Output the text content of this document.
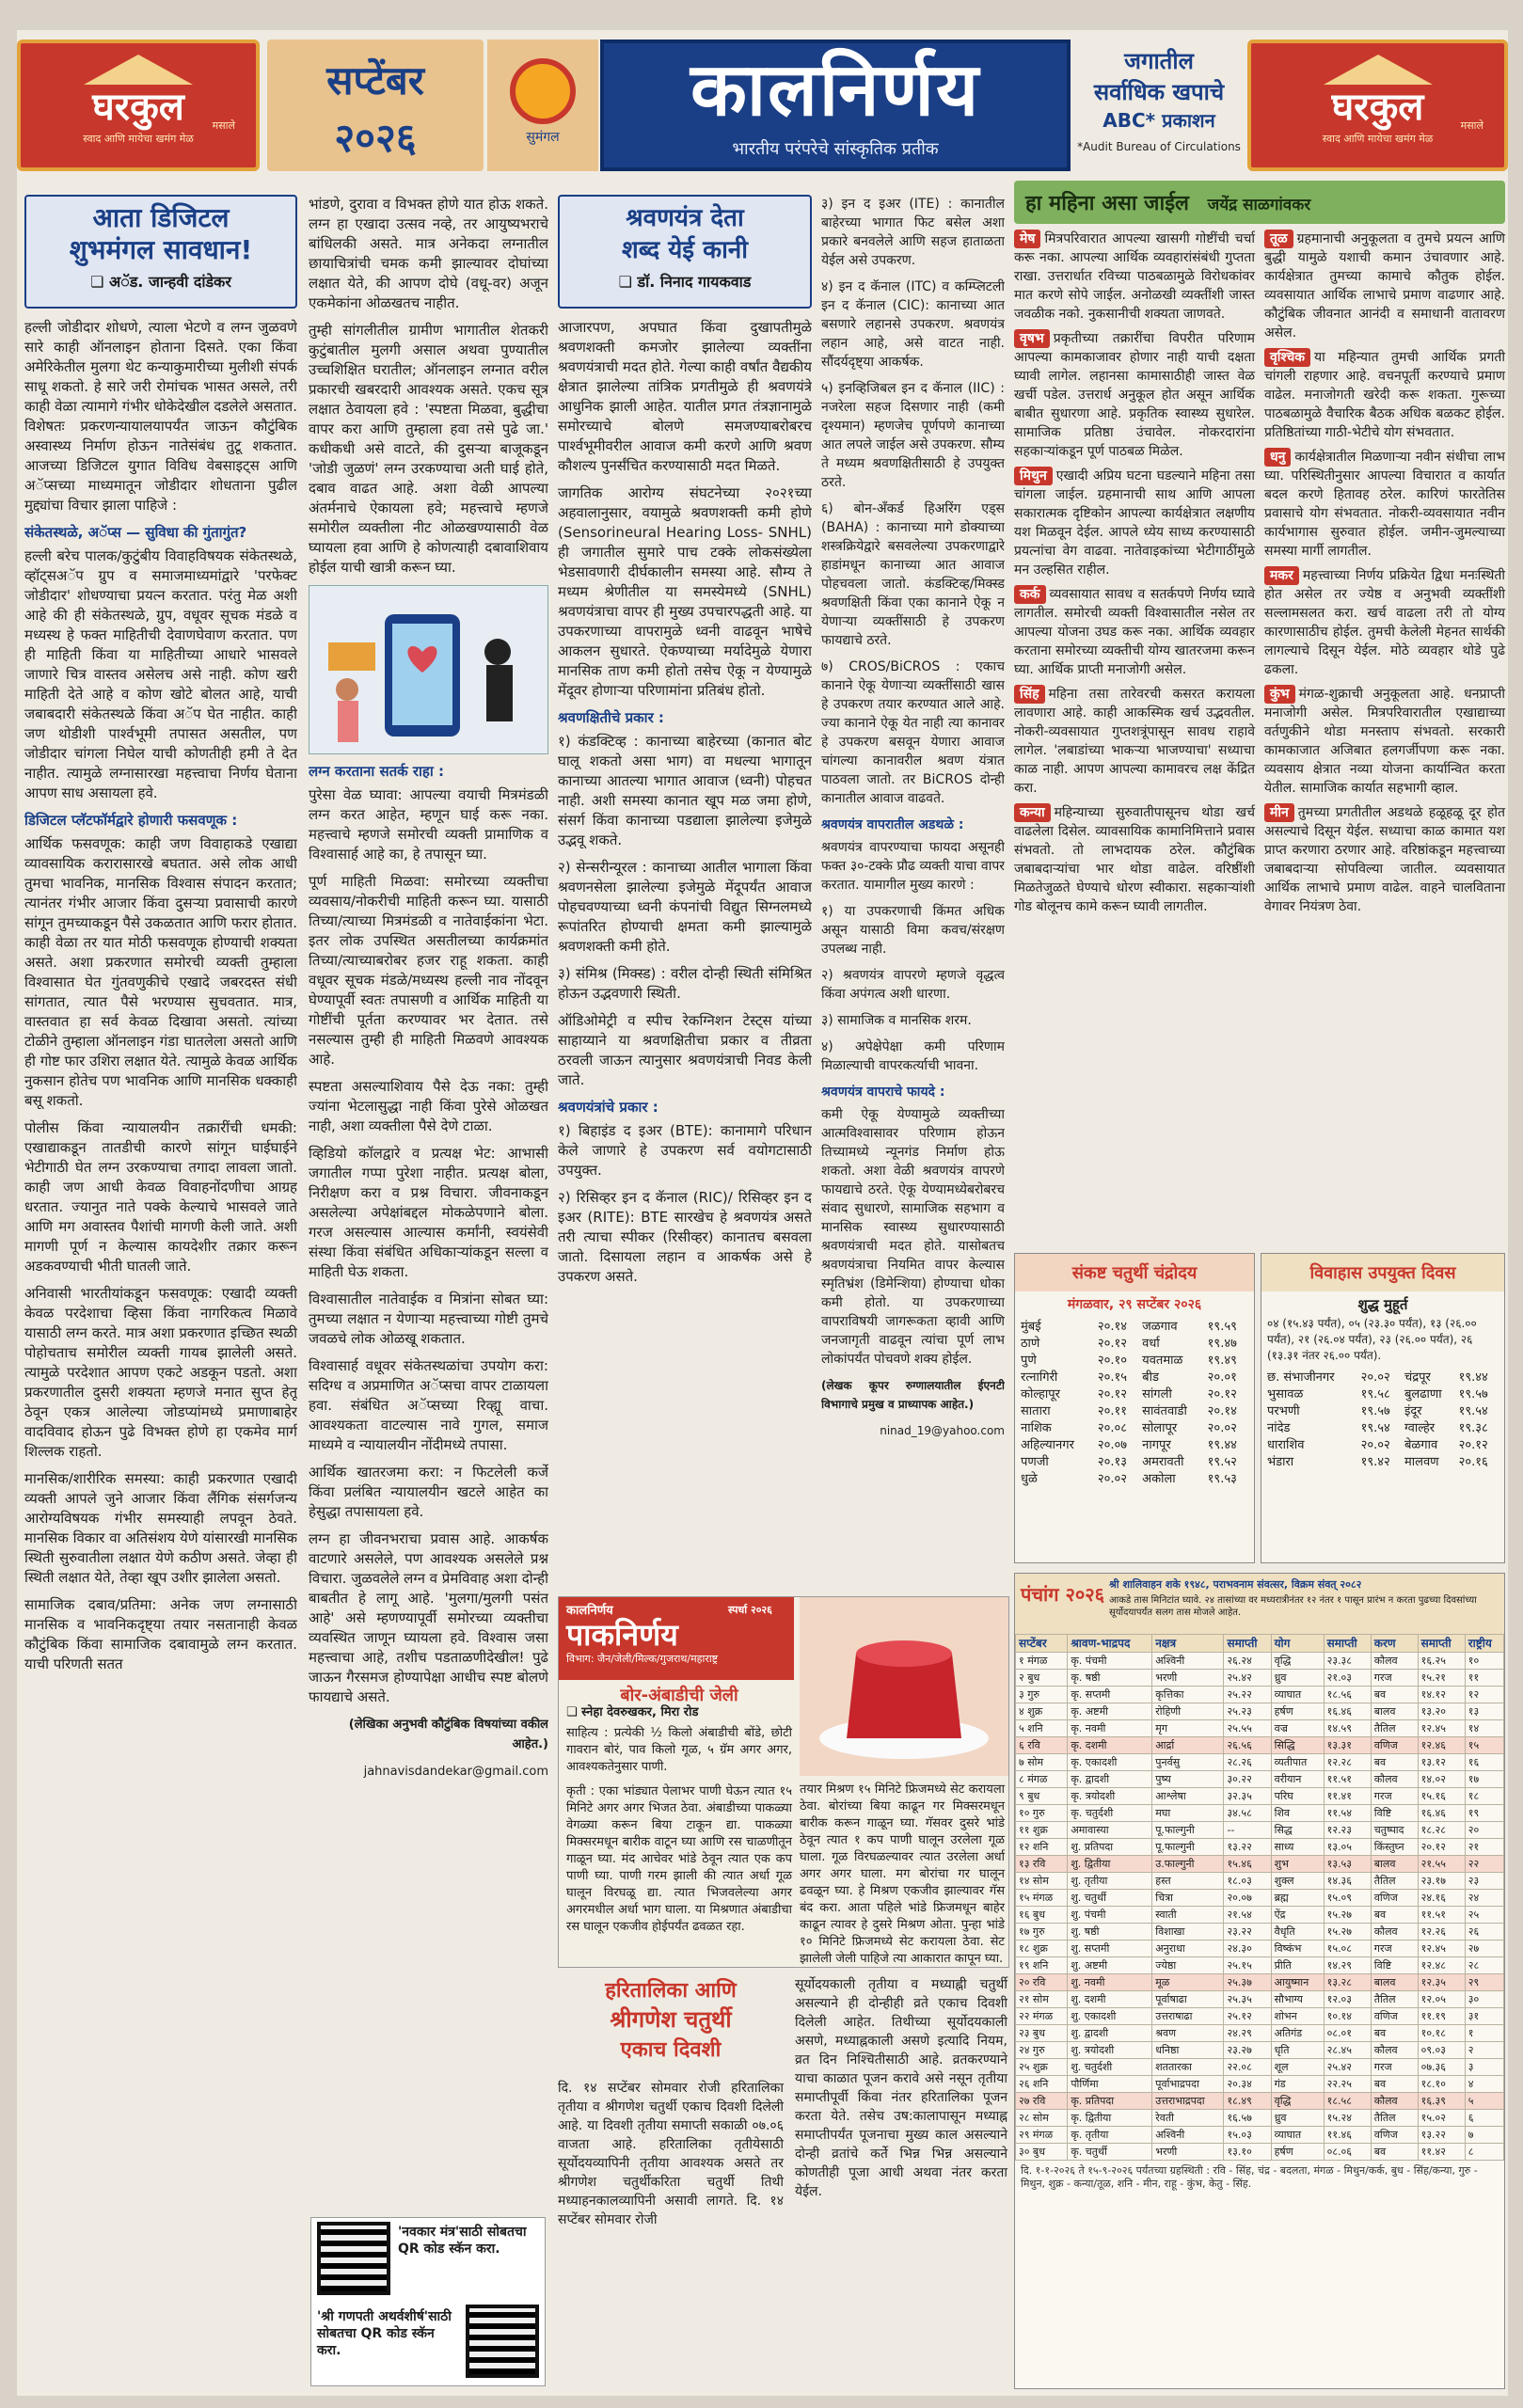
घरकुल	मसाले
स्वाद आणि मायेचा खमंग मेळ
सप्टेंबर
२०२६	सुमंगल
कालनिर्णय
भारतीय परंपरेचे सांस्कृतिक प्रतीक
जगातील
सर्वाधिक खपाचे
ABC* प्रकाशन
*Audit Bureau of Circulations
घरकुल	मसाले
स्वाद आणि मायेचा खमंग मेळ
आता डिजिटल
शुभमंगल सावधान!
❏ अॅड. जान्हवी दांडेकर

हल्ली जोडीदार शोधणे, त्याला भेटणे व लग्न जुळवणे सारे काही ऑनलाइन होताना दिसते. एका किंवा अमेरिकेतील मुलगा थेट कन्याकुमारीच्या मुलीशी संपर्क साधू शकतो. हे सारे जरी रोमांचक भासत असले, तरी काही वेळा त्यामागे गंभीर धोकेदेखील दडलेले असतात. विशेषतः प्रकरणन्यायालयापर्यंत जाऊन कौटुंबिक अस्वास्थ्य निर्माण होऊन नातेसंबंध तुटू शकतात. आजच्या डिजिटल युगात विविध वेबसाइट्स आणि अॅप्सच्या माध्यमातून जोडीदार शोधताना पुढील मुद्द्यांचा विचार झाला पाहिजे :

संकेतस्थळे, अॅप्स — सुविधा की गुंतागुंत?

हल्ली बरेच पालक/कुटुंबीय विवाहविषयक संकेतस्थळे, व्हॉट्सअॅप ग्रुप व समाजमाध्यमांद्वारे 'परफेक्ट जोडीदार' शोधण्याचा प्रयत्न करतात. परंतु मेळ अशी आहे की ही संकेतस्थळे, ग्रुप, वधूवर सूचक मंडळे व मध्यस्थ हे फक्त माहितीची देवाणघेवाण करतात. पण ही माहिती किंवा या माहितीच्या आधारे भासवले जाणारे चित्र वास्तव असेलच असे नाही. कोण खरी माहिती देते आहे व कोण खोटे बोलत आहे, याची जबाबदारी संकेतस्थळे किंवा अॅप घेत नाहीत. काही जण थोडीशी पार्श्वभूमी तपासत असतील, पण जोडीदार चांगला निघेल याची कोणतीही हमी ते देत नाहीत. त्यामुळे लग्नासारखा महत्त्वाचा निर्णय घेताना आपण साध असायला हवे.

डिजिटल प्लॅटफॉर्मद्वारे होणारी फसवणूक :

आर्थिक फसवणूक: काही जण विवाहाकडे एखाद्या व्यावसायिक करारासारखे बघतात. असे लोक आधी तुमचा भावनिक, मानसिक विश्वास संपादन करतात; त्यानंतर गंभीर आजार किंवा दुसऱ्या प्रवासाची कारणे सांगून तुमच्याकडून पैसे उकळतात आणि फरार होतात. काही वेळा तर यात मोठी फसवणूक होण्याची शक्यता असते. अशा प्रकरणात समोरची व्यक्ती तुम्हाला विश्वासात घेत गुंतवणुकीचे एखादे जबरदस्त संधी सांगतात, त्यात पैसे भरण्यास सुचवतात. मात्र, वास्तवात हा सर्व केवळ दिखावा असतो. त्यांच्या टोळीने तुम्हाला ऑनलाइन गंडा घातलेला असतो आणि ही गोष्ट फार उशिरा लक्षात येते. त्यामुळे केवळ आर्थिक नुकसान होतेच पण भावनिक आणि मानसिक धक्काही बसू शकतो.

पोलीस किंवा न्यायालयीन तक्रारींची धमकी: एखाद्याकडून तातडीची कारणे सांगून घाईघाईने भेटीगाठी घेत लग्न उरकण्याचा तगादा लावला जातो. काही जण आधी केवळ विवाहनोंदणीचा आग्रह धरतात. ज्यानुत नाते पक्के केल्याचे भासवले जाते आणि मग अवास्तव पैशांची मागणी केली जाते. अशी मागणी पूर्ण न केल्यास कायदेशीर तक्रार करून अडकवण्याची भीती घातली जाते.

अनिवासी भारतीयांकडून फसवणूक: एखादी व्यक्ती केवळ परदेशाचा व्हिसा किंवा नागरिकत्व मिळावे यासाठी लग्न करते. मात्र अशा प्रकरणात इच्छित स्थळी पोहोचताच समोरील व्यक्ती गायब झालेली असते. त्यामुळे परदेशात आपण एकटे अडकून पडतो. अशा प्रकरणातील दुसरी शक्यता म्हणजे मनात सुप्त हेतू ठेवून एकत्र आलेल्या जोडप्यांमध्ये प्रमाणाबाहेर वादविवाद होऊन पुढे विभक्त होणे हा एकमेव मार्ग शिल्लक राहतो.

मानसिक/शारीरिक समस्या: काही प्रकरणात एखादी व्यक्ती आपले जुने आजार किंवा लैंगिक संसर्गजन्य आरोग्यविषयक गंभीर समस्याही लपवून ठेवते. मानसिक विकार वा अतिसंशय येणे यांसारखी मानसिक स्थिती सुरुवातीला लक्षात येणे कठीण असते. जेव्हा ही स्थिती लक्षात येते, तेव्हा खूप उशीर झालेला असतो.

सामाजिक दबाव/प्रतिमा: अनेक जण लग्नासाठी मानसिक व भावनिकदृष्ट्या तयार नसतानाही केवळ कौटुंबिक किंवा सामाजिक दबावामुळे लग्न करतात. याची परिणती सतत

भांडणे, दुरावा व विभक्त होणे यात होऊ शकते. लग्न हा एखादा उत्सव नव्हे, तर आयुष्यभराचे बांधिलकी असते. मात्र अनेकदा लग्नातील छायाचित्रांची चमक कमी झाल्यावर दोघांच्या लक्षात येते, की आपण दोघे (वधू-वर) अजून एकमेकांना ओळखतच नाहीत.

तुम्ही सांगलीतील ग्रामीण भागातील शेतकरी कुटुंबातील मुलगी असाल अथवा पुण्यातील उच्चशिक्षित घरातील; ऑनलाइन लग्नात वरील प्रकारची खबरदारी आवश्यक असते. एकच सूत्र लक्षात ठेवायला हवे : 'स्पष्टता मिळवा, बुद्धीचा वापर करा आणि तुम्हाला हवा तसे पुढे जा.' कधीकधी असे वाटते, की दुसऱ्या बाजूकडून 'जोडी जुळणं' लग्न उरकण्याचा अती घाई होते, दबाव वाढत आहे. अशा वेळी आपल्या अंतर्मनाचे ऐकायला हवे; महत्त्वाचे म्हणजे समोरील व्यक्तीला नीट ओळखण्यासाठी वेळ घ्यायला हवा आणि हे कोणत्याही दबावाशिवाय होईल याची खात्री करून घ्या.

लग्न करताना सतर्क राहा :

पुरेसा वेळ घ्यावा: आपल्या वयाची मित्रमंडळी लग्न करत आहेत, म्हणून घाई करू नका. महत्त्वाचे म्हणजे समोरची व्यक्ती प्रामाणिक व विश्वासार्ह आहे का, हे तपासून घ्या.

पूर्ण माहिती मिळवा: समोरच्या व्यक्तीचा व्यवसाय/नोकरीची माहिती करून घ्या. यासाठी तिच्या/त्याच्या मित्रमंडळी व नातेवाईकांना भेटा. इतर लोक उपस्थित असतीलच्या कार्यक्रमांत तिच्या/त्याच्याबरोबर हजर राहू शकता. काही वधूवर सूचक मंडळे/मध्यस्थ हल्ली नाव नोंदवून घेण्यापूर्वी स्वतः तपासणी व आर्थिक माहिती या गोष्टींची पूर्तता करण्यावर भर देतात. तसे नसल्यास तुम्ही ही माहिती मिळवणे आवश्यक आहे.

स्पष्टता असल्याशिवाय पैसे देऊ नका: तुम्ही ज्यांना भेटलासुद्धा नाही किंवा पुरेसे ओळखत नाही, अशा व्यक्तीला पैसे देणे टाळा.

व्हिडियो कॉलद्वारे व प्रत्यक्ष भेट: आभासी जगातील गप्पा पुरेशा नाहीत. प्रत्यक्ष बोला, निरीक्षण करा व प्रश्न विचारा. जीवनाकडून असलेल्या अपेक्षांबद्दल मोकळेपणाने बोला. गरज असल्यास आल्यास कर्मांनी, स्वयंसेवी संस्था किंवा संबंधित अधिकाऱ्यांकडून सल्ला व माहिती घेऊ शकता.

विश्वासातील नातेवाईक व मित्रांना सोबत घ्या: तुमच्या लक्षात न येणाऱ्या महत्त्वाच्या गोष्टी तुमचे जवळचे लोक ओळखू शकतात.

विश्वासार्ह वधूवर संकेतस्थळांचा उपयोग करा: सदिग्ध व अप्रमाणित अॅप्सचा वापर टाळायला हवा. संबंधित अॅप्सच्या रिव्ह्यू वाचा. आवश्यकता वाटल्यास नावे गुगल, समाज माध्यमे व न्यायालयीन नोंदीमध्ये तपासा.

आर्थिक खातरजमा करा: न फिटलेली कर्जे किंवा प्रलंबित न्यायालयीन खटले आहेत का हेसुद्धा तपासायला हवे.

लग्न हा जीवनभराचा प्रवास आहे. आकर्षक वाटणारे असलेले, पण आवश्यक असलेले प्रश्न विचारा. जुळवलेले लग्न व प्रेमविवाह अशा दोन्ही बाबतीत हे लागू आहे. 'मुलगा/मुलगी पसंत आहे' असे म्हणण्यापूर्वी समोरच्या व्यक्तीचा व्यवस्थित जाणून घ्यायला हवे. विश्वास जसा महत्त्वाचा आहे, तशीच पडताळणीदेखील! पुढे जाऊन गैरसमज होण्यापेक्षा आधीच स्पष्ट बोलणे फायद्याचे असते.

(लेखिका अनुभवी कौटुंबिक विषयांच्या वकील आहेत.)

jahnavisdandekar@gmail.com

'नवकार मंत्र'साठी सोबतचा QR कोड स्कॅन करा.
'श्री गणपती अथर्वशीर्ष'साठी सोबतचा QR कोड स्कॅन करा.
श्रवणयंत्र देता
शब्द येई कानी
❏ डॉ. निनाद गायकवाड

आजारपण, अपघात किंवा दुखापतीमुळे श्रवणशक्ती कमजोर झालेल्या व्यक्तींना श्रवणयंत्राची मदत होते. गेल्या काही वर्षांत वैद्यकीय क्षेत्रात झालेल्या तांत्रिक प्रगतीमुळे ही श्रवणयंत्रे आधुनिक झाली आहेत. यातील प्रगत तंत्रज्ञानामुळे समोरच्याचे बोलणे समजण्याबरोबरच पार्श्वभूमीवरील आवाज कमी करणे आणि श्रवण कौशल्य पुनर्संचित करण्यासाठी मदत मिळते.

जागतिक आरोग्य संघटनेच्या २०२१च्या अहवालानुसार, वयामुळे श्रवणशक्ती कमी होणे (Sensorineural Hearing Loss- SNHL) ही जगातील सुमारे पाच टक्के लोकसंख्येला भेडसावणारी दीर्घकालीन समस्या आहे. सौम्य ते मध्यम श्रेणीतील या समस्येमध्ये (SNHL) श्रवणयंत्राचा वापर ही मुख्य उपचारपद्धती आहे. या उपकरणाच्या वापरामुळे ध्वनी वाढवून भाषेचे आकलन सुधारते. ऐकण्याच्या मर्यादेमुळे येणारा मानसिक ताण कमी होतो तसेच ऐकू न येण्यामुळे मेंदूवर होणाऱ्या परिणामांना प्रतिबंध होतो.

श्रवणक्षितीचे प्रकार :

१) कंडक्टिव्ह : कानाच्या बाहेरच्या (कानात बोट घालू शकतो असा भाग) वा मधल्या भागातून कानाच्या आतल्या भागात आवाज (ध्वनी) पोहचत नाही. अशी समस्या कानात खूप मळ जमा होणे, संसर्ग किंवा कानाच्या पडद्याला झालेल्या इजेमुळे उद्भवू शकते.

२) सेन्सरीन्यूरल : कानाच्या आतील भागाला किंवा श्रवणनसेला झालेल्या इजेमुळे मेंदूपर्यंत आवाज पोहचवण्याच्या ध्वनी कंपनांची विद्युत सिग्नलमध्ये रूपांतरित होण्याची क्षमता कमी झाल्यामुळे श्रवणशक्ती कमी होते.

३) संमिश्र (मिक्स्ड) : वरील दोन्ही स्थिती संमिश्रित होऊन उद्भवणारी स्थिती.

ऑडिओमेट्री व स्पीच रेकग्निशन टेस्ट्स यांच्या साहाय्याने या श्रवणक्षितीचा प्रकार व तीव्रता ठरवली जाऊन त्यानुसार श्रवणयंत्राची निवड केली जाते.

श्रवणयंत्रांचे प्रकार :

१) बिहाइंड द इअर (BTE): कानामागे परिधान केले जाणारे हे उपकरण सर्व वयोगटासाठी उपयुक्त.

२) रिसिव्हर इन द कॅनाल (RIC)/ रिसिव्हर इन द इअर (RITE): BTE सारखेच हे श्रवणयंत्र असते तरी त्याचा स्पीकर (रिसीव्हर) कानातच बसवला जातो. दिसायला लहान व आकर्षक असे हे उपकरण असते.

३) इन द इअर (ITE) : कानातील बाहेरच्या भागात फिट बसेल अशा प्रकारे बनवलेले आणि सहज हाताळता येईल असे उपकरण.

४) इन द कॅनाल (ITC) व कम्प्लिटली इन द कॅनाल (CIC): कानाच्या आत बसणारे लहानसे उपकरण. श्रवणयंत्र लहान आहे, असे वाटत नाही. सौंदर्यदृष्ट्या आकर्षक.

५) इनव्हिजिबल इन द कॅनाल (IIC) : नजरेला सहज दिसणार नाही (कमी दृश्यमान) म्हणजेच पूर्णपणे कानाच्या आत लपले जाईल असे उपकरण. सौम्य ते मध्यम श्रवणक्षितीसाठी हे उपयुक्त ठरते.

६) बोन-अँकर्ड हिअरिंग एड्स (BAHA) : कानाच्या मागे डोक्याच्या शस्त्रक्रियेद्वारे बसवलेल्या उपकरणाद्वारे हाडांमधून कानाच्या आत आवाज पोहचवला जातो. कंडक्टिव्ह/मिक्स्ड श्रवणक्षिती किंवा एका कानाने ऐकू न येणाऱ्या व्यक्तींसाठी हे उपकरण फायद्याचे ठरते.

७) CROS/BiCROS : एकाच कानाने ऐकू येणाऱ्या व्यक्तींसाठी खास हे उपकरण तयार करण्यात आले आहे. ज्या कानाने ऐकू येत नाही त्या कानावर हे उपकरण बसवून येणारा आवाज चांगल्या कानावरील श्रवण यंत्रात पाठवला जातो. तर BiCROS दोन्ही कानातील आवाज वाढवते.

श्रवणयंत्र वापरातील अडथळे :

श्रवणयंत्र वापरण्याचा फायदा असूनही फक्त ३०-टक्के प्रौढ व्यक्ती याचा वापर करतात. यामागील मुख्य कारणे :

१) या उपकरणाची किंमत अधिक असून यासाठी विमा कवच/संरक्षण उपलब्ध नाही.

२) श्रवणयंत्र वापरणे म्हणजे वृद्धत्व किंवा अपंगत्व अशी धारणा.

३) सामाजिक व मानसिक शरम.

४) अपेक्षेपेक्षा कमी परिणाम मिळाल्याची वापरकर्त्याची भावना.

श्रवणयंत्र वापराचे फायदे :

कमी ऐकू येण्यामुळे व्यक्तीच्या आत्मविश्वासावर परिणाम होऊन तिच्यामध्ये न्यूनगंड निर्माण होऊ शकतो. अशा वेळी श्रवणयंत्र वापरणे फायद्याचे ठरते. ऐकू येण्यामध्येबरोबरच संवाद सुधारणे, सामाजिक सहभाग व मानसिक स्वास्थ्य सुधारण्यासाठी श्रवणयंत्राची मदत होते. यासोबतच श्रवणयंत्राचा नियमित वापर केल्यास स्मृतिभ्रंश (डिमेन्शिया) होण्याचा धोका कमी होतो. या उपकरणाच्या वापराविषयी जागरूकता व्हावी आणि जनजागृती वाढवून त्यांचा पूर्ण लाभ लोकांपर्यंत पोचवणे शक्य होईल.

(लेखक कूपर रुग्णालयातील ईएनटी विभागाचे प्रमुख व प्राध्यापक आहेत.)

ninad_19@yahoo.com

कालनिर्णय
पाकनिर्णय
विभाग: जैन/जेली/मिल्क/गुजराथ/महाराष्ट्र
स्पर्धा २०२६
बोर-अंबाडीची जेली
❏ स्नेहा देवरुखकर, मिरा रोड

साहित्य : प्रत्येकी ½ किलो अंबाडीची बोंडे, छोटी गावरान बोरं, पाव किलो गूळ, ५ ग्रॅम अगर अगर, आवश्यकतेनुसार पाणी.

कृती : एका भांड्यात पेलाभर पाणी घेऊन त्यात १५ मिनिटे अगर अगर भिजत ठेवा. अंबाडीच्या पाकळ्या वेगळ्या करून बिया टाकून द्या. पाकळ्या मिक्सरमधून बारीक वाटून घ्या आणि रस चाळणीतून गाळून घ्या. मंद आचेवर भांडे ठेवून त्यात एक कप पाणी घ्या. पाणी गरम झाली की त्यात अर्धा गूळ घालून विरघळू द्या. त्यात भिजवलेल्या अगर अगरमधील अर्धा भाग घाला. या मिश्रणात अंबाडीचा रस घालून एकजीव होईपर्यंत ढवळत रहा.

तयार मिश्रण १५ मिनिटे फ्रिजमध्ये सेट करायला ठेवा. बोरांच्या बिया काढून गर मिक्सरमधून बारीक करून गाळून घ्या. गॅसवर दुसरे भांडे ठेवून त्यात १ कप पाणी घालून उरलेला गूळ घाला. गूळ विरघळल्यावर त्यात उरलेला अर्धा अगर अगर घाला. मग बोरांचा गर घालून ढवळून घ्या. हे मिश्रण एकजीव झाल्यावर गॅस बंद करा. आता पहिले भांडे फ्रिजमधून बाहेर काढून त्यावर हे दुसरे मिश्रण ओता. पुन्हा भांडे १० मिनिटे फ्रिजमध्ये सेट करायला ठेवा. सेट झालेली जेली पाहिजे त्या आकारात कापून घ्या.
हरितालिका आणि
श्रीगणेश चतुर्थी
एकाच दिवशी
दि. १४ सप्टेंबर सोमवार रोजी हरितालिका तृतीया व श्रीगणेश चतुर्थी एकाच दिवशी दिलेली आहे. या दिवशी तृतीया समाप्ती सकाळी ०७.०६ वाजता आहे. हरितालिका तृतीयेसाठी सूर्योदयव्यापिनी तृतीया आवश्यक असते तर श्रीगणेश चतुर्थीकरिता चतुर्थी तिथी मध्याहनकालव्यापिनी असावी लागते. दि. १४ सप्टेंबर सोमवार रोजी
सूर्योदयकाली तृतीया व मध्याह्नी चतुर्थी असल्याने ही दोन्हीही व्रते एकाच दिवशी दिलेली आहेत. तिथीच्या सूर्योदयकाली असणे, मध्याह्नकाली असणे इत्यादि नियम, व्रत दिन निश्चितीसाठी आहे. व्रतकरण्याने याचा काळात पूजन करावे असे नसून तृतीया समाप्तीपूर्वी किंवा नंतर हरितालिका पूजन करता येते. तसेच उष:कालापासून मध्याह्न समाप्तीपर्यंत पूजनाचा मुख्य काल असल्याने दोन्ही व्रतांचे कर्तेे भिन्न भिन्न असल्याने कोणतीही पूजा आधी अथवा नंतर करता येईल.
हा महिना असा जाईल जयेंद्र साळगांवकर
मेष मित्रपरिवारात आपल्या खासगी गोष्टींची चर्चा करू नका. आपल्या आर्थिक व्यवहारांसंबंधी गुप्तता राखा. उत्तरार्धात रविच्या पाठबळामुळे विरोधकांवर मात करणे सोपे जाईल. अनोळखी व्यक्तींशी जास्त जवळीक नको. नुकसानीची शक्यता जाणवते.
वृषभ प्रकृतीच्या तक्रारींचा विपरीत परिणाम आपल्या कामकाजावर होणार नाही याची दक्षता घ्यावी लागेल. लहानसा कामासाठीही जास्त वेळ खर्ची पडेल. उत्तरार्ध अनुकूल होत असून आर्थिक बाबीत सुधारणा आहे. प्रकृतिक स्वास्थ्य सुधारेल. सामाजिक प्रतिष्ठा उंचावेल. नोकरदारांना सहकाऱ्यांकडून पूर्ण पाठबळ मिळेल.
मिथुन एखादी अप्रिय घटना घडल्याने महिना तसा चांगला जाईल. ग्रहमानाची साथ आणि आपला सकारात्मक दृष्टिकोन आपल्या कार्यक्षेत्रात लक्षणीय यश मिळवून देईल. आपले ध्येय साध्य करण्यासाठी प्रयत्नांचा वेग वाढवा. नातेवाइकांच्या भेटीगाठींमुळे मन उल्हसित राहील.
कर्क व्यवसायात सावध व सतर्कपणे निर्णय घ्यावे लागतील. समोरची व्यक्ती विश्वासातील नसेल तर आपल्या योजना उघड करू नका. आर्थिक व्यवहार करताना समोरच्या व्यक्तीची योग्य खातरजमा करून घ्या. आर्थिक प्राप्ती मनाजोगी असेल.
सिंह महिना तसा तारेवरची कसरत करायला लावणारा आहे. काही आकस्मिक खर्च उद्भवतील. नोकरी-व्यवसायात गुप्तशत्रूंपासून सावध राहावे लागेल. 'लबाडांच्या भाकऱ्या भाजण्याचा' सध्याचा काळ नाही. आपण आपल्या कामावरच लक्ष केंद्रित करा.
कन्या महिन्याच्या सुरुवातीपासूनच थोडा खर्च वाढलेला दिसेल. व्यावसायिक कामानिमित्ताने प्रवास संभवतो. तो लाभदायक ठरेल. कौटुंबिक जबाबदाऱ्यांचा भार थोडा वाढेल. वरिष्ठींशी मिळतेजुळते घेण्याचे धोरण स्वीकारा. सहकाऱ्यांशी गोड बोलूनच कामे करून घ्यावी लागतील.
तूळ ग्रहमानाची अनुकूलता व तुमचे प्रयत्न आणि बुद्धी यामुळे यशाची कमान उंचावणार आहे. कार्यक्षेत्रात तुमच्या कामाचे कौतुक होईल. व्यवसायात आर्थिक लाभाचे प्रमाण वाढणार आहे. कौटुंबिक जीवनात आनंदी व समाधानी वातावरण असेल.
वृश्चिक या महिन्यात तुमची आर्थिक प्रगती चांगली राहणार आहे. वचनपूर्ती करण्याचे प्रमाण वाढेल. मनाजोगती खरेदी करू शकता. गुरूच्या पाठबळामुळे वैचारिक बैठक अधिक बळकट होईल. प्रतिष्ठितांच्या गाठी-भेटीचे योग संभवतात.
धनु कार्यक्षेत्रातील मिळणाऱ्या नवीन संधीचा लाभ घ्या. परिस्थितीनुसार आपल्या विचारात व कार्यात बदल करणे हितावह ठरेल. कारिणं फारतेतिस प्रवासाचे योग संभवतात. नोकरी-व्यवसायात नवीन कार्यभागास सुरुवात होईल. जमीन-जुमल्याच्या समस्या मार्गी लागतील.
मकर महत्त्वाच्या निर्णय प्रक्रियेत द्विधा मनःस्थिती होत असेल तर ज्येष्ठ व अनुभवी व्यक्तींशी सल्लामसलत करा. खर्च वाढला तरी तो योग्य कारणासाठीच होईल. तुमची केलेली मेहनत सार्थकी लागल्याचे दिसून येईल. मोठे व्यवहार थोडे पुढे ढकला.
कुंभ मंगळ-शुक्राची अनुकूलता आहे. धनप्राप्ती मनाजोगी असेल. मित्रपरिवारातील एखाद्याच्या वर्तणुकीने थोडा मनस्ताप संभवतो. सरकारी कामकाजात अजिबात हलगर्जीपणा करू नका. व्यवसाय क्षेत्रात नव्या योजना कार्यान्वित करता येतील. सामाजिक कार्यात सहभागी व्हाल.
मीन तुमच्या प्रगतीतील अडथळे हळूहळू दूर होत असल्याचे दिसून येईल. सध्याचा काळ कामात यश प्राप्त करणारा ठरणार आहे. वरिष्ठांकडून महत्त्वाच्या जबाबदाऱ्या सोपविल्या जातील. व्यवसायात आर्थिक लाभाचे प्रमाण वाढेल. वाहने चालविताना वेगावर नियंत्रण ठेवा.
संकष्ट चतुर्थी चंद्रोदय
मंगळवार, २९ सप्टेंबर २०२६
मुंबई	२०.१४	जळगाव	१९.५९
ठाणे	२०.१२	वर्धा	१९.४७
पुणे	२०.१०	यवतमाळ	१९.४९
रत्नागिरी	२०.१५	बीड	२०.०१
कोल्हापूर	२०.१२	सांगली	२०.१२
सातारा	२०.११	सावंतवाडी	२०.१४
नाशिक	२०.०८	सोलापूर	२०.०२
अहिल्यानगर	२०.०७	नागपूर	१९.४४
पणजी	२०.१३	अमरावती	१९.५२
धुळे	२०.०२	अकोला	१९.५३
विवाहास उपयुक्त दिवस
शुद्ध मुहूर्त
०४ (१५.४३ पर्यंत), ०५ (२३.३० पर्यंत), १३ (२६.०० पर्यंत), २१ (२६.०४ पर्यंत), २३ (२६.०० पर्यंत), २६ (१३.३१ नंतर २६.०० पर्यंत).
छ. संभाजीनगर	२०.०२	चंद्रपूर	१९.४४
भुसावळ	१९.५८	बुलढाणा	१९.५७
परभणी	१९.५७	इंदूर	१९.५४
नांदेड	१९.५४	ग्वाल्हेर	१९.३८
धाराशिव	२०.०२	बेळगाव	२०.१२
भंडारा	१९.४२	मालवण	२०.१६
पंचांग २०२६ श्री शालिवाहन शके १९४८, पराभवनाम संवत्सर, विक्रम संवत् २०८२
आकडे तास मिनिटांत घ्यावे. २४ तासांच्या वर मध्यरात्रीनंतर १२ नंतर १ पासून प्रारंभ न करता पुढच्या दिवसांच्या सूर्योदयापर्यंत सलग तास मोजले आहेत.
सप्टेंबर	श्रावण-भाद्रपद	नक्षत्र	समाप्ती	योग	समाप्ती	करण	समाप्ती	राष्ट्रीय
१ मंगळ	कृ. पंचमी	अश्विनी	२६.२४	वृद्धि	२३.३८	कौलव	१६.२५	१०
२ बुध	कृ. षष्ठी	भरणी	२५.४२	ध्रुव	२१.०३	गरज	१५.२१	११
३ गुरु	कृ. सप्तमी	कृत्तिका	२५.२२	व्याघात	१८.५६	बव	१४.१२	१२
४ शुक्र	कृ. अष्टमी	रोहिणी	२५.२३	हर्षण	१६.४६	बालव	१३.२०	१३
५ शनि	कृ. नवमी	मृग	२५.५५	वज्र	१४.५९	तैतिल	१२.४५	१४
६ रवि	कृ. दशमी	आर्द्रा	२६.५६	सिद्धि	१३.३१	वणिज	१२.४६	१५
७ सोम	कृ. एकादशी	पुनर्वसु	२८.२६	व्यतीपात	१२.२८	बव	१३.१२	१६
८ मंगळ	कृ. द्वादशी	पुष्य	३०.२२	वरीयान	११.५१	कौलव	१४.०२	१७
९ बुध	कृ. त्रयोदशी	आश्लेषा	३२.३५	परिघ	११.४१	गरज	१५.१६	१८
१० गुरु	कृ. चतुर्दशी	मघा	३४.५८	शिव	११.५४	विष्टि	१६.४६	१९
११ शुक्र	अमावास्या	पू.फाल्गुनी	--	सिद्ध	१२.२३	चतुष्पाद	१८.२८	२०
१२ शनि	शु. प्रतिपदा	पू.फाल्गुनी	१३.२२	साध्य	१३.०५	किंस्तुघ्न	२०.१२	२१
१३ रवि	शु. द्वितीया	उ.फाल्गुनी	१५.४६	शुभ	१३.५३	बालव	२१.५५	२२
१४ सोम	शु. तृतीया	हस्त	१८.०३	शुक्ल	१४.३६	तैतिल	२३.१७	२३
१५ मंगळ	शु. चतुर्थी	चित्रा	२०.०७	ब्रह्म	१५.०९	वणिज	२४.१६	२४
१६ बुध	शु. पंचमी	स्वाती	२१.५४	ऐंद्र	१५.२७	बव	११.५१	२५
१७ गुरु	शु. षष्ठी	विशाखा	२३.२२	वैधृति	१५.२७	कौलव	१२.२६	२६
१८ शुक्र	शु. सप्तमी	अनुराधा	२४.३०	विष्कंभ	१५.०८	गरज	१२.४५	२७
१९ शनि	शु. अष्टमी	ज्येष्ठा	२५.१५	प्रीति	१४.२९	विष्टि	१२.४८	२८
२० रवि	शु. नवमी	मूळ	२५.३७	आयुष्मान	१३.२८	बालव	१२.३५	२९
२१ सोम	शु. दशमी	पूर्वाषाढा	२५.३५	सौभाग्य	१२.०३	तैतिल	१२.०५	३०
२२ मंगळ	शु. एकादशी	उत्तराषाढा	२५.१२	शोभन	१०.१४	वणिज	११.१९	३१
२३ बुध	शु. द्वादशी	श्रवण	२४.२९	अतिगंड	०८.०१	बव	१०.१८	१
२४ गुरु	शु. त्रयोदशी	धनिष्ठा	२३.२७	धृति	२८.४५	कौलव	०९.०३	२
२५ शुक्र	शु. चतुर्दशी	शततारका	२२.०८	शूल	२५.४२	गरज	०७.३६	३
२६ शनि	पौर्णिमा	पूर्वाभाद्रपदा	२०.३४	गंड	२२.२५	बव	१८.१०	४
२७ रवि	कृ. प्रतिपदा	उत्तराभाद्रपदा	१८.४९	वृद्धि	१८.५८	कौलव	१६.३९	५
२८ सोम	कृ. द्वितीया	रेवती	१६.५७	ध्रुव	१५.२४	तैतिल	१५.०२	६
२९ मंगळ	कृ. तृतीया	अश्विनी	१५.०३	व्याघात	११.४६	वणिज	१३.२२	७
३० बुध	कृ. चतुर्थी	भरणी	१३.१०	हर्षण	०८.०६	बव	११.४२	८
दि. १-१-२०२६ ते १५-९-२०२६ पर्यंतच्या ग्रहस्थिती : रवि - सिंह, चंद्र - बदलता, मंगळ - मिथुन/कर्क, बुध - सिंह/कन्या, गुरु - मिथुन, शुक्र - कन्या/तूळ, शनि - मीन, राहू - कुंभ, केतु - सिंह.
